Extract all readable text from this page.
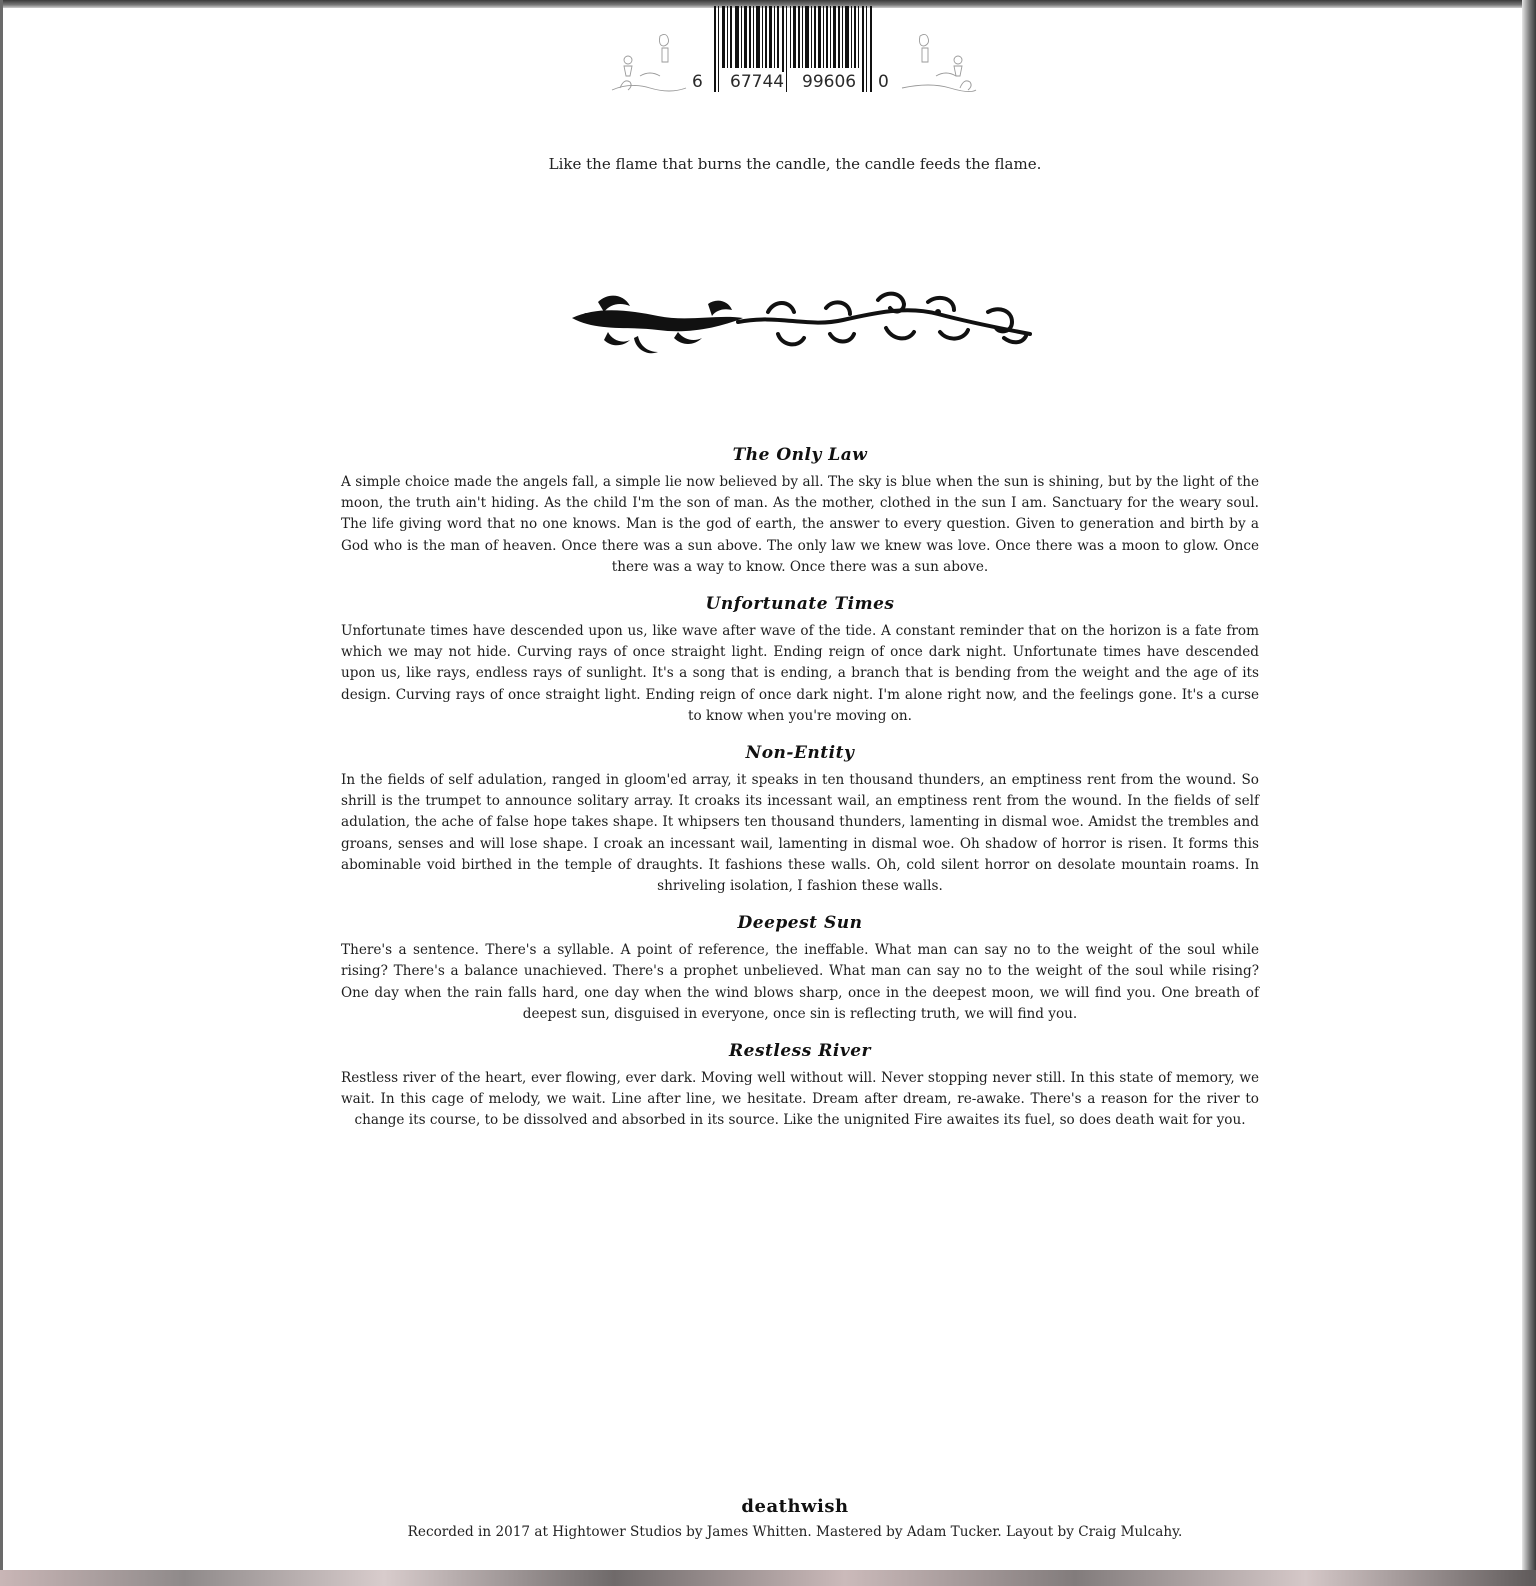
6 67744 99606 0
Like the flame that burns the candle, the candle feeds the flame.
The Only Law

A simple choice made the angels fall, a simple lie now believed by all. The sky is blue when the sun is shining, but by the light of the moon, the truth ain't hiding. As the child I'm the son of man. As the mother, clothed in the sun I am. Sanctuary for the weary soul. The life giving word that no one knows. Man is the god of earth, the answer to every question. Given to generation and birth by a God who is the man of heaven. Once there was a sun above. The only law we knew was love. Once there was a moon to glow. Once there was a way to know. Once there was a sun above.

Unfortunate Times

Unfortunate times have descended upon us, like wave after wave of the tide. A constant reminder that on the horizon is a fate from which we may not hide. Curving rays of once straight light. Ending reign of once dark night. Unfortunate times have descended upon us, like rays, endless rays of sunlight. It's a song that is ending, a branch that is bending from the weight and the age of its design. Curving rays of once straight light. Ending reign of once dark night. I'm alone right now, and the feelings gone. It's a curse to know when you're moving on.

Non-Entity

In the fields of self adulation, ranged in gloom'ed array, it speaks in ten thousand thunders, an emptiness rent from the wound. So shrill is the trumpet to announce solitary array. It croaks its incessant wail, an emptiness rent from the wound. In the fields of self adulation, the ache of false hope takes shape. It whipsers ten thousand thunders, lamenting in dismal woe. Amidst the trembles and groans, senses and will lose shape. I croak an incessant wail, lamenting in dismal woe. Oh shadow of horror is risen. It forms this abominable void birthed in the temple of draughts. It fashions these walls. Oh, cold silent horror on desolate mountain roams. In shriveling isolation, I fashion these walls.

Deepest Sun

There's a sentence. There's a syllable. A point of reference, the ineffable. What man can say no to the weight of the soul while rising? There's a balance unachieved. There's a prophet unbelieved. What man can say no to the weight of the soul while rising? One day when the rain falls hard, one day when the wind blows sharp, once in the deepest moon, we will find you. One breath of deepest sun, disguised in everyone, once sin is reflecting truth, we will find you.

Restless River

Restless river of the heart, ever flowing, ever dark. Moving well without will. Never stopping never still. In this state of memory, we wait. In this cage of melody, we wait. Line after line, we hesitate. Dream after dream, re-awake. There's a reason for the river to change its course, to be dissolved and absorbed in its source. Like the unignited Fire awaites its fuel, so does death wait for you.

deathwish
Recorded in 2017 at Hightower Studios by James Whitten. Mastered by Adam Tucker. Layout by Craig Mulcahy.
